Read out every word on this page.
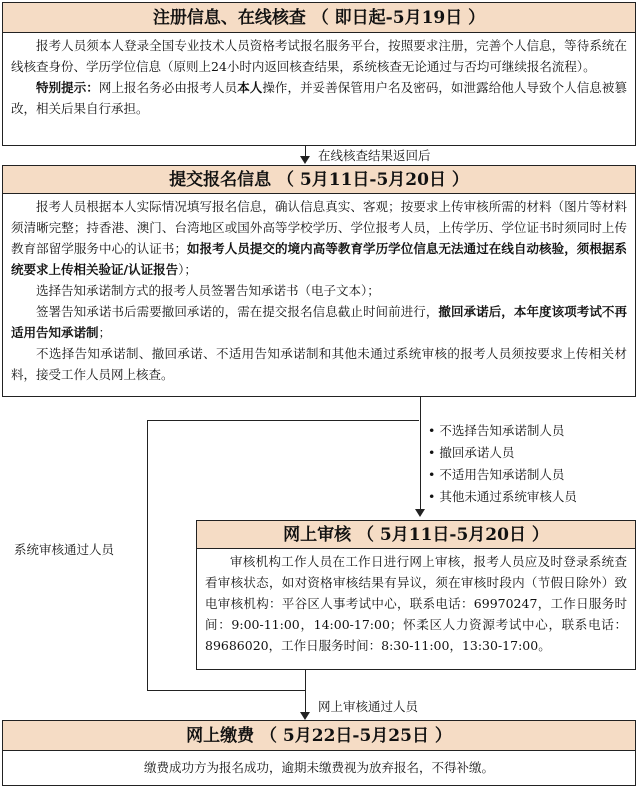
注册信息、在线核查 （ 即日起-5月19日 ）

报考人员须本人登录全国专业技术人员资格考试报名服务平台，按照要求注册，完善个人信息，等待系统在线核查身份、学历学位信息（原则上24小时内返回核查结果，系统核查无论通过与否均可继续报名流程）。

特别提示：网上报名务必由报考人员本人操作，并妥善保管用户名及密码，如泄露给他人导致个人信息被篡改，相关后果自行承担。

在线核查结果返回后
提交报名信息 （ 5月11日-5月20日 ）

报考人员根据本人实际情况填写报名信息，确认信息真实、客观；按要求上传审核所需的材料（图片等材料须清晰完整；持香港、澳门、台湾地区或国外高等学校学历、学位报考人员，上传学历、学位证书时须同时上传教育部留学服务中心的认证书；如报考人员提交的境内高等教育学历学位信息无法通过在线自动核验，须根据系统要求上传相关验证/认证报告）；

选择告知承诺制方式的报考人员签署告知承诺书（电子文本）；

签署告知承诺书后需要撤回承诺的，需在提交报名信息截止时间前进行，撤回承诺后，本年度该项考试不再适用告知承诺制；

不选择告知承诺制、撤回承诺、不适用告知承诺制和其他未通过系统审核的报考人员须按要求上传相关材料，接受工作人员网上核查。

• 不选择告知承诺制人员
• 撤回承诺人员
• 不适用告知承诺制人员
• 其他未通过系统审核人员
系统审核通过人员
网上审核 （ 5月11日-5月20日 ）

审核机构工作人员在工作日进行网上审核，报考人员应及时登录系统查看审核状态，如对资格审核结果有异议，须在审核时段内（节假日除外）致电审核机构：平谷区人事考试中心，联系电话：69970247，工作日服务时间：9:00-11:00，14:00-17:00；怀柔区人力资源考试中心，联系电话：89686020，工作日服务时间：8:30-11:00，13:30-17:00。

网上审核通过人员
网上缴费 （ 5月22日-5月25日 ）
缴费成功方为报名成功，逾期未缴费视为放弃报名，不得补缴。
